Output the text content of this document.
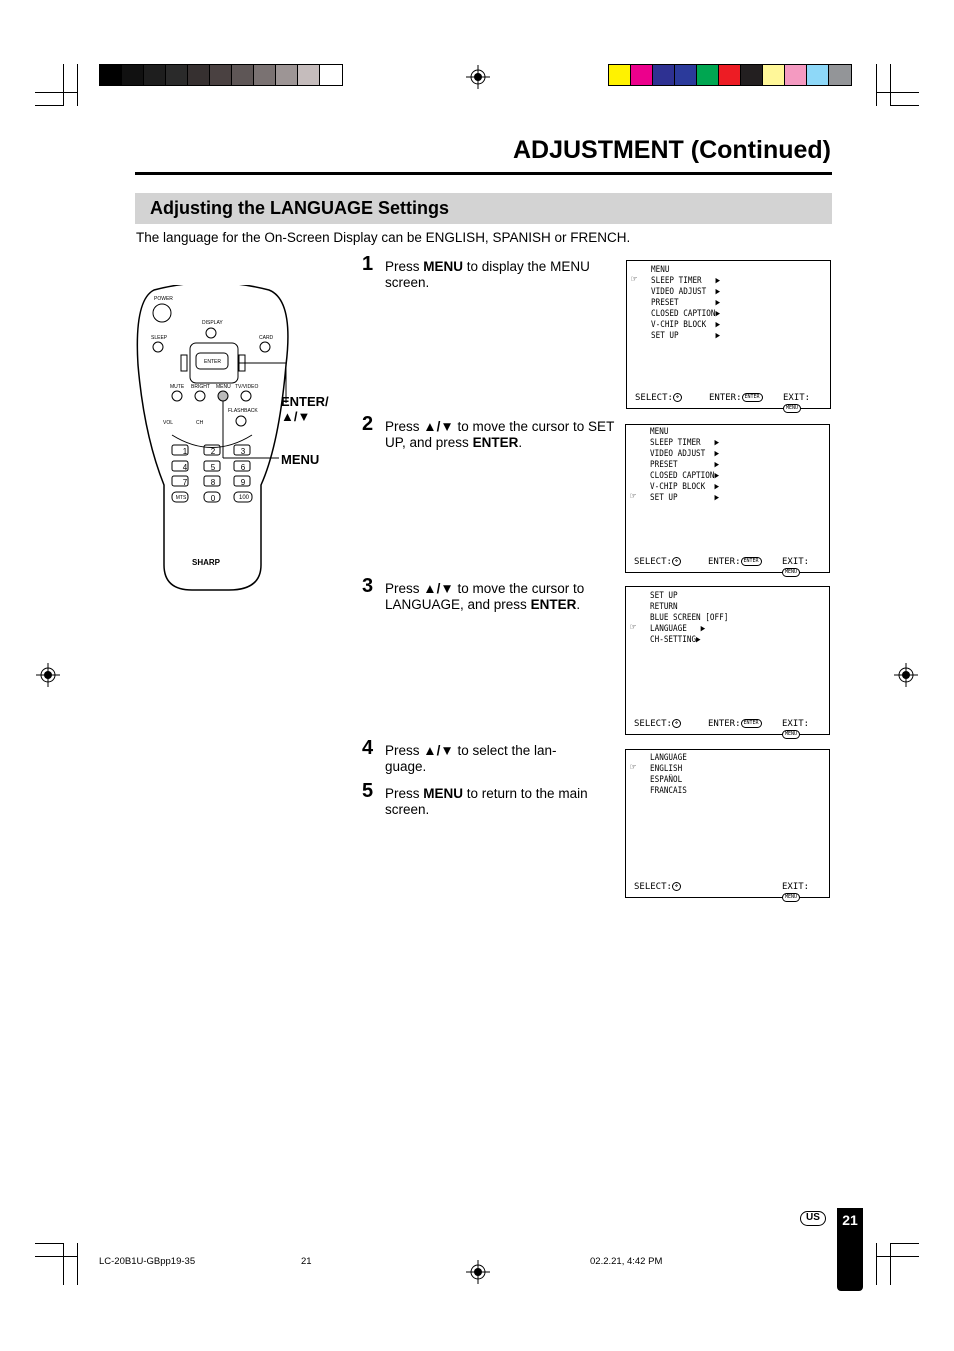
ADJUSTMENT (Continued)
Adjusting the LANGUAGE Settings
The language for the On-Screen Display can be ENGLISH, SPANISH or FRENCH.
POWER
DISPLAY
SLEEP	CARD
ENTER
MUTE BRIGHT MENU TV/VIDEO
FLASHBACK
VOL	CH
1	2	3
4	5	6
7	8	9
MTS	0	100
SHARP
ENTER/
▲/▼
MENU
1 Press MENU to display the MENU screen.
2 Press ▲/▼ to move the cursor to SET UP, and press ENTER.
3 Press ▲/▼ to move the cursor to LANGUAGE, and press ENTER.
4 Press ▲/▼ to select the lan-guage.
5 Press MENU to return to the main screen.
MENU
☞ SLEEP TIMER   ▶
VIDEO ADJUST  ▶
PRESET        ▶
CLOSED CAPTION▶
V-CHIP BLOCK  ▶
SET UP        ▶
SELECT: ✥	ENTER: ENTER	EXIT:MENU
MENU
SLEEP TIMER   ▶
VIDEO ADJUST  ▶
PRESET        ▶
CLOSED CAPTION▶
V-CHIP BLOCK  ▶
☞ SET UP        ▶
SELECT: ✥	ENTER: ENTER	EXIT:MENU
SET UP
RETURN
BLUE SCREEN [OFF]
☞ LANGUAGE   ▶
CH-SETTING▶
SELECT: ✥	ENTER: ENTER	EXIT:MENU
LANGUAGE
☞ ENGLISH
ESPAÑOL
FRANCAIS
SELECT: ✥	EXIT:MENU
US	21
LC-20B1U-GBpp19-35	21	02.2.21, 4:42 PM
